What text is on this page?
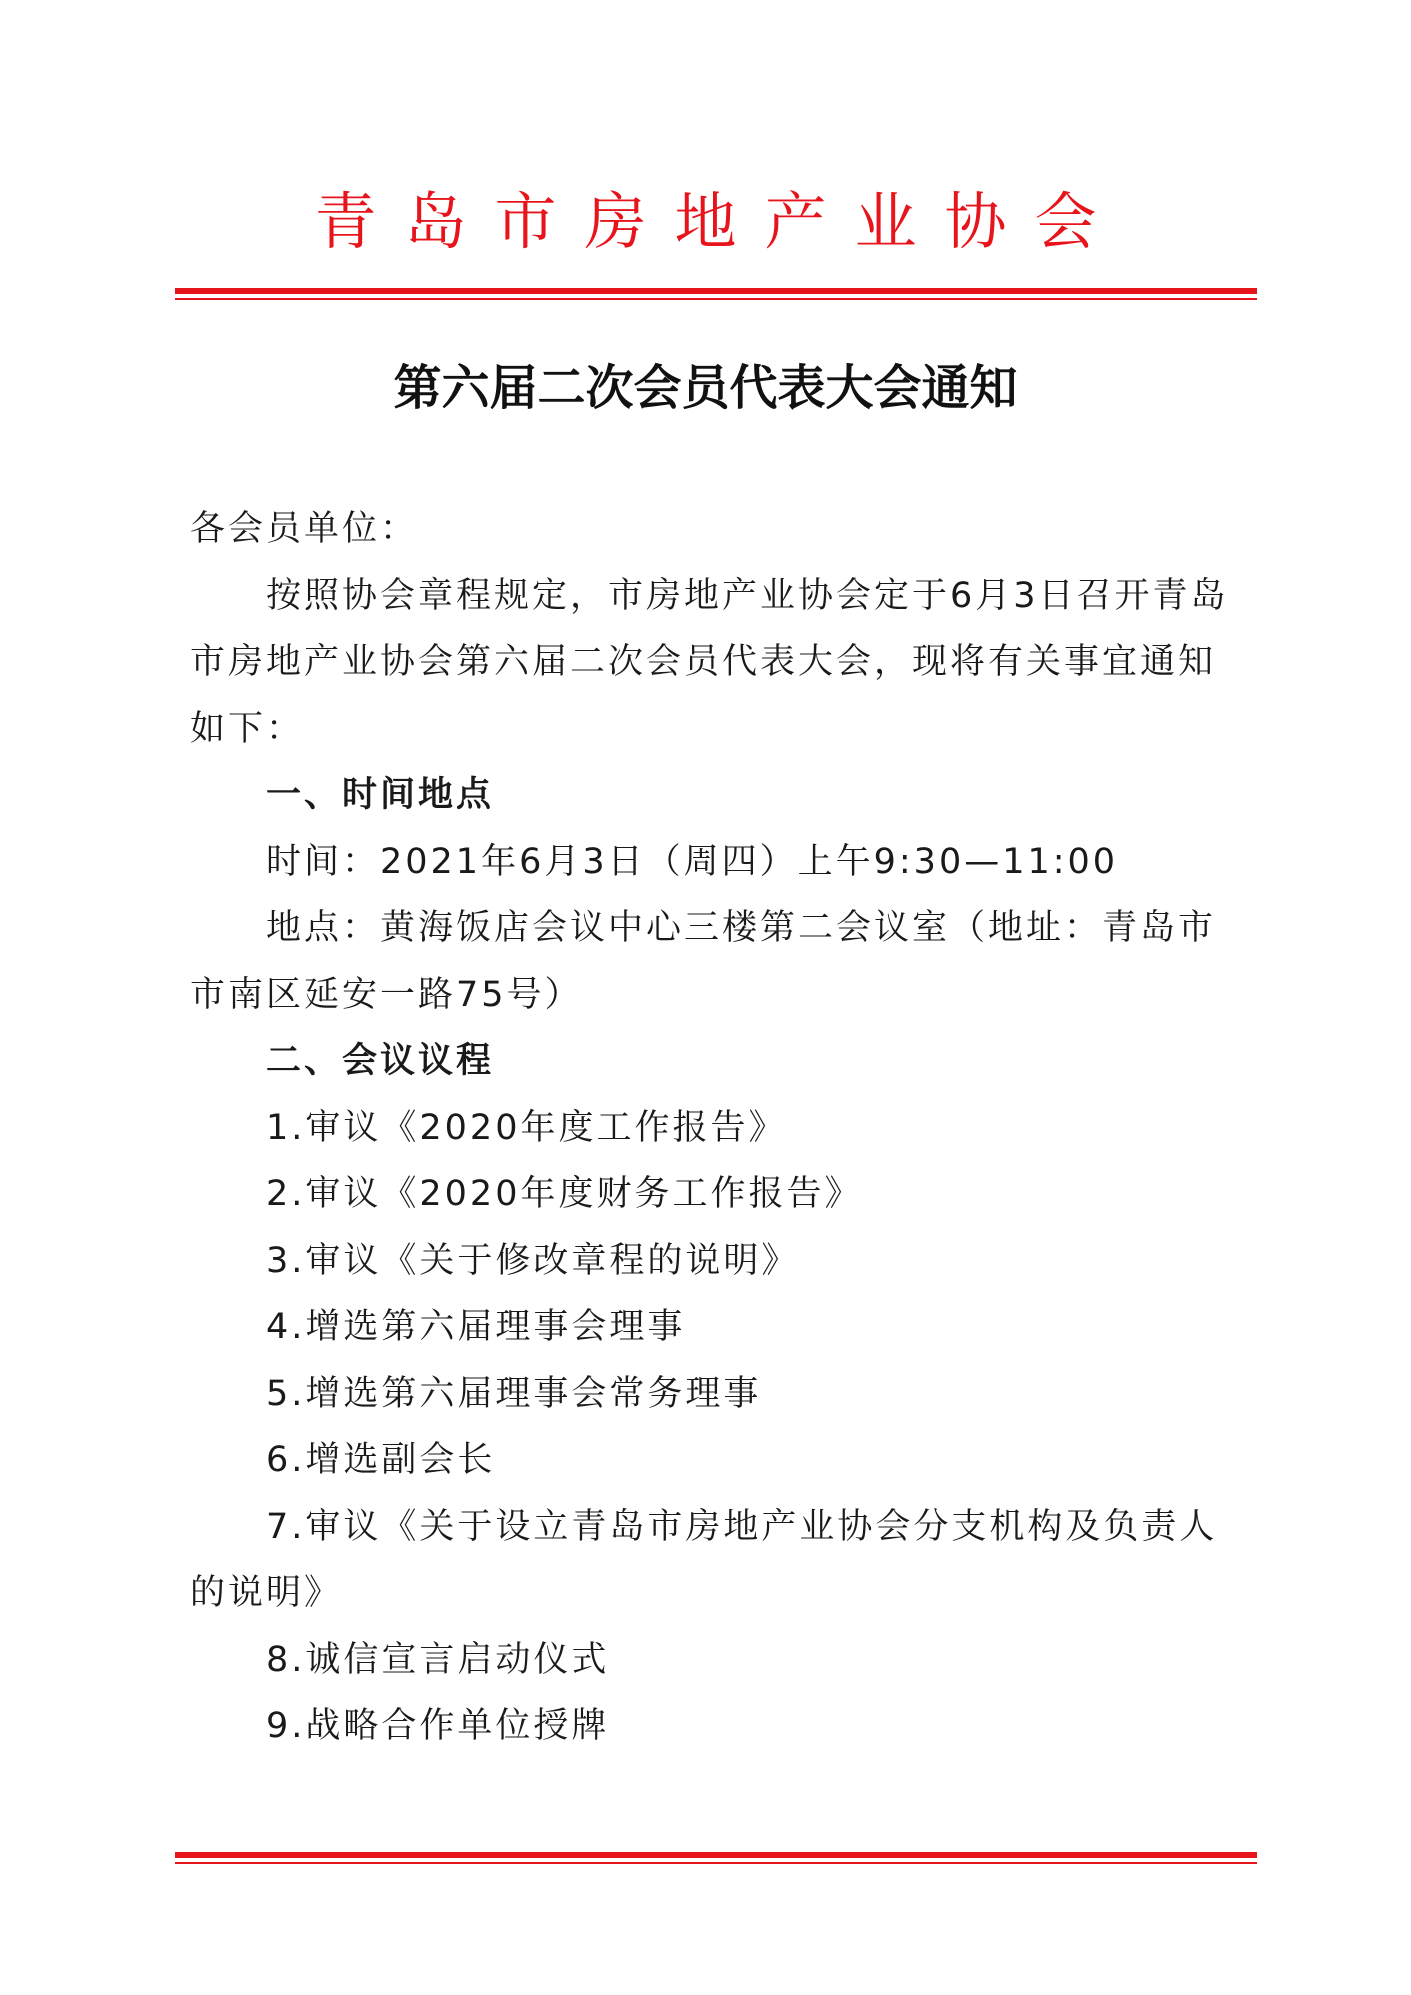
青岛市房地产业协会
第六届二次会员代表大会通知

各会员单位：

按照协会章程规定，市房地产业协会定于6月3日召开青岛市房地产业协会第六届二次会员代表大会，现将有关事宜通知如下：

一、时间地点

时间：2021年6月3日（周四）上午9:30—11:00

地点：黄海饭店会议中心三楼第二会议室（地址：青岛市市南区延安一路75号）

二、会议议程

1.审议《2020年度工作报告》

2.审议《2020年度财务工作报告》

3.审议《关于修改章程的说明》

4.增选第六届理事会理事

5.增选第六届理事会常务理事

6.增选副会长

7.审议《关于设立青岛市房地产业协会分支机构及负责人的说明》

8.诚信宣言启动仪式

9.战略合作单位授牌
